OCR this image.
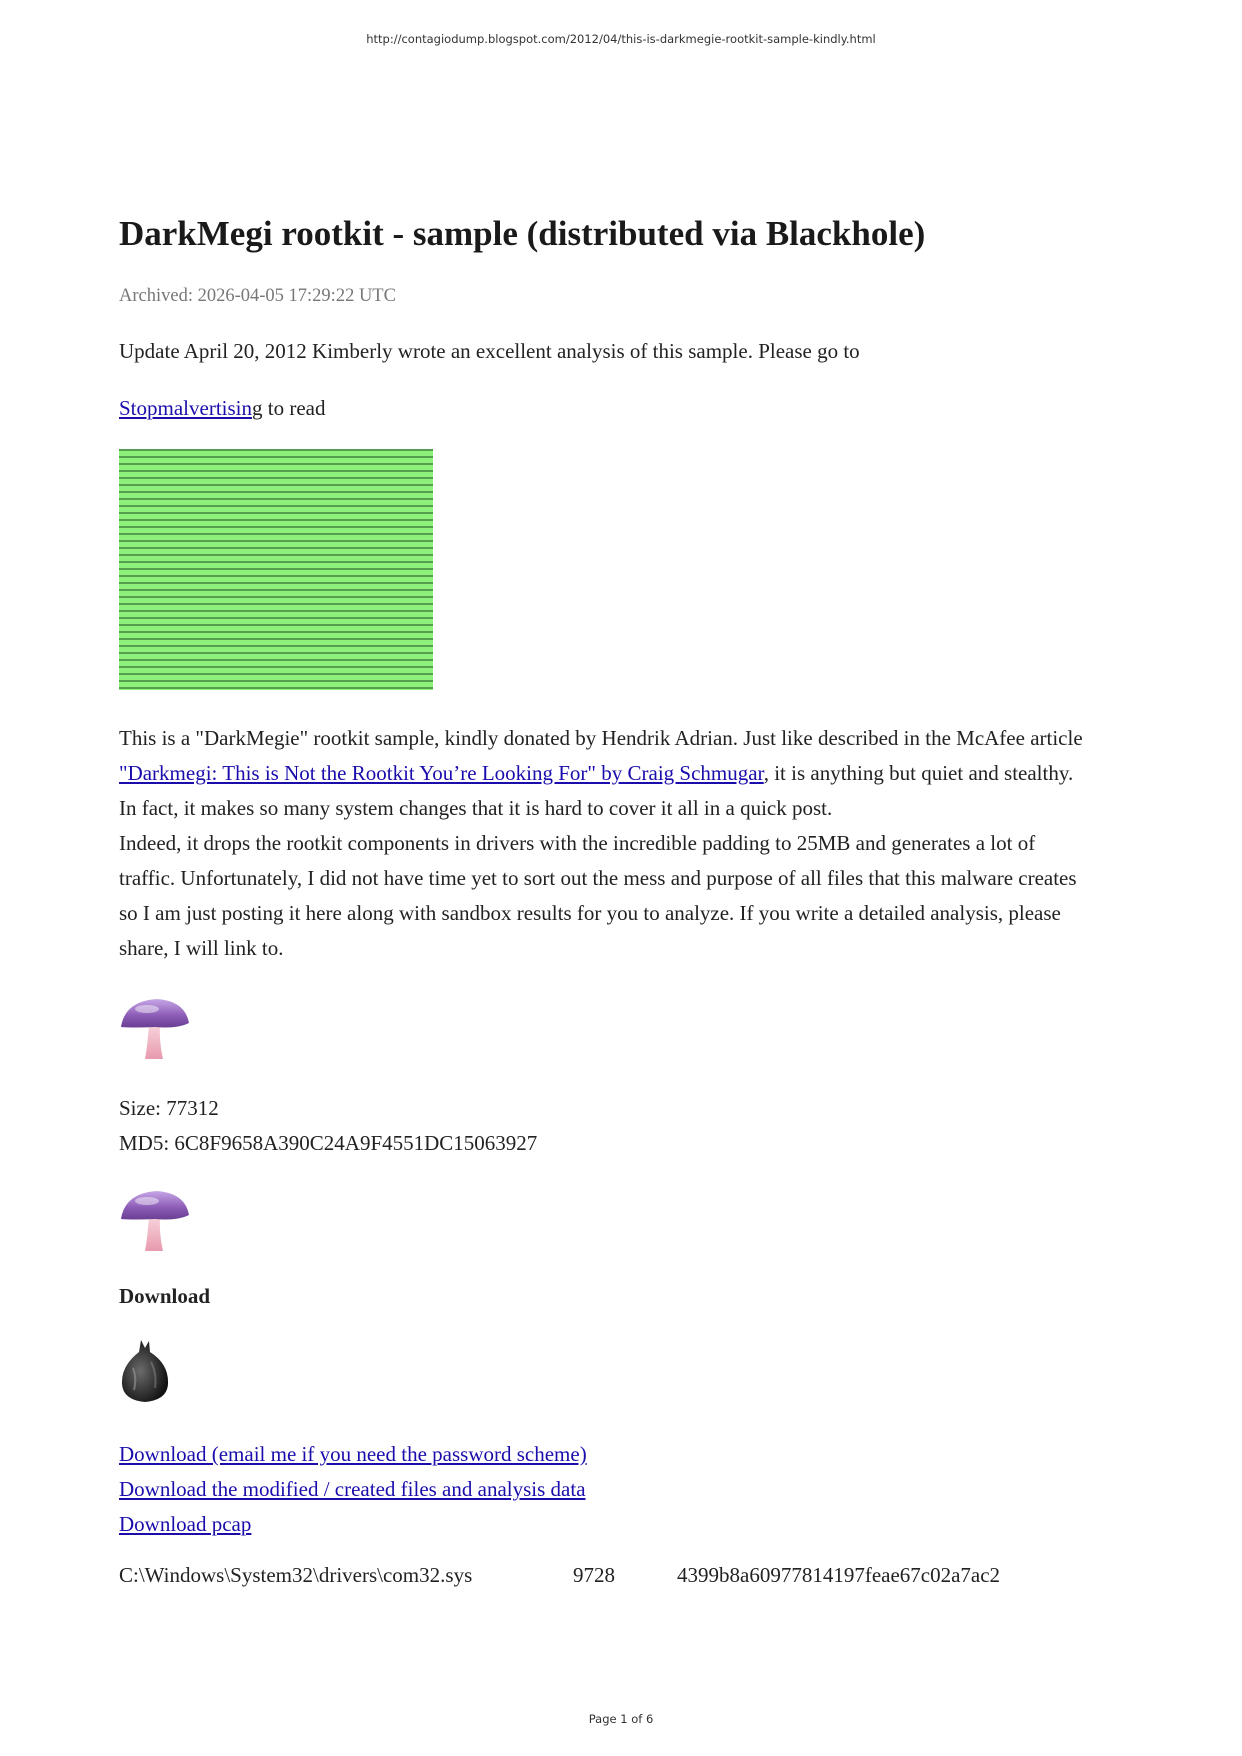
http://contagiodump.blogspot.com/2012/04/this-is-darkmegie-rootkit-sample-kindly.html
DarkMegi rootkit - sample (distributed via Blackhole)
Archived: 2026-04-05 17:29:22 UTC
Update April 20, 2012 Kimberly wrote an excellent analysis of this sample. Please go to
Stopmalvertising to read
This is a "DarkMegie" rootkit sample, kindly donated by Hendrik Adrian. Just like described in the McAfee article
"Darkmegi: This is Not the Rootkit You’re Looking For" by Craig Schmugar, it is anything but quiet and stealthy.
In fact, it makes so many system changes that it is hard to cover it all in a quick post.
Indeed, it drops the rootkit components in drivers with the incredible padding to 25MB and generates a lot of
traffic. Unfortunately, I did not have time yet to sort out the mess and purpose of all files that this malware creates
so I am just posting it here along with sandbox results for you to analyze. If you write a detailed analysis, please
share, I will link to.
Size: 77312
MD5: 6C8F9658A390C24A9F4551DC15063927
Download
Download (email me if you need the password scheme)
Download the modified / created files and analysis data
Download pcap
C:\Windows\System32\drivers\com32.sys	9728	4399b8a60977814197feae67c02a7ac2
Page 1 of 6
